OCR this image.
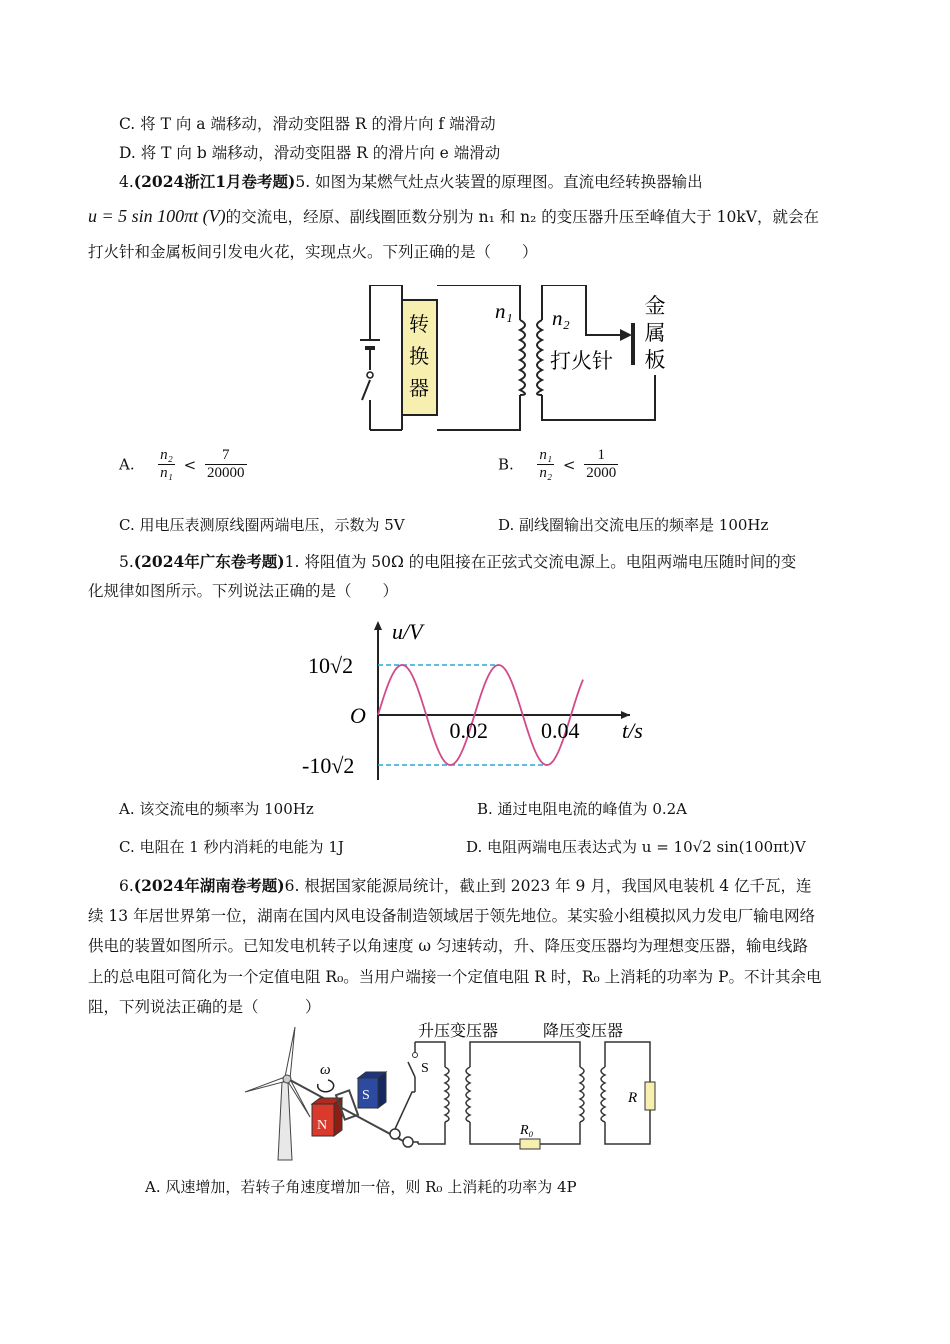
C. 将 T 向 a 端移动，滑动变阻器 R 的滑片向 f 端滑动
D. 将 T 向 b 端移动，滑动变阻器 R 的滑片向 e 端滑动
4.(2024浙江1月卷考题)5. 如图为某燃气灶点火装置的原理图。直流电经转换器输出
u = 5 sin 100πt (V)的交流电，经原、副线圈匝数分别为 n₁ 和 n₂ 的变压器升压至峰值大于 10kV，就会在
打火针和金属板间引发电火花，实现点火。下列正确的是（　　）
转
换
器
n₁ n₂
打火针
金
属
板
A. $\frac{\text{n₂}}{\text{n₁}} < \frac{7}{20000}$	B. $\frac{\text{n₁}}{\text{n₂}} < \frac{1}{2000}$
C. 用电压表测原线圈两端电压，示数为 5V	D. 副线圈输出交流电压的频率是 100Hz
5.(2024年广东卷考题)1. 将阻值为 50Ω 的电阻接在正弦式交流电源上。电阻两端电压随时间的变
化规律如图所示。下列说法正确的是（　　）
0.02 0.04 t/s
u/V
10√2
O
-10√2
A. 该交流电的频率为 100Hz	B. 通过电阻电流的峰值为 0.2A
C. 电阻在 1 秒内消耗的电能为 1J	D. 电阻两端电压表达式为 u = 10√2 sin(100πt)V
6.(2024年湖南卷考题)6. 根据国家能源局统计，截止到 2023 年 9 月，我国风电装机 4 亿千瓦，连
续 13 年居世界第一位，湖南在国内风电设备制造领域居于领先地位。某实验小组模拟风力发电厂输电网络
供电的装置如图所示。已知发电机转子以角速度 ω 匀速转动，升、降压变压器均为理想变压器，输电线路
上的总电阻可简化为一个定值电阻 R₀。当用户端接一个定值电阻 R 时，R₀ 上消耗的功率为 P。不计其余电
阻，下列说法正确的是（　　　）
ω
N
S
S
R₀
R
升压变压器	降压变压器
A. 风速增加，若转子角速度增加一倍，则 R₀ 上消耗的功率为 4P
